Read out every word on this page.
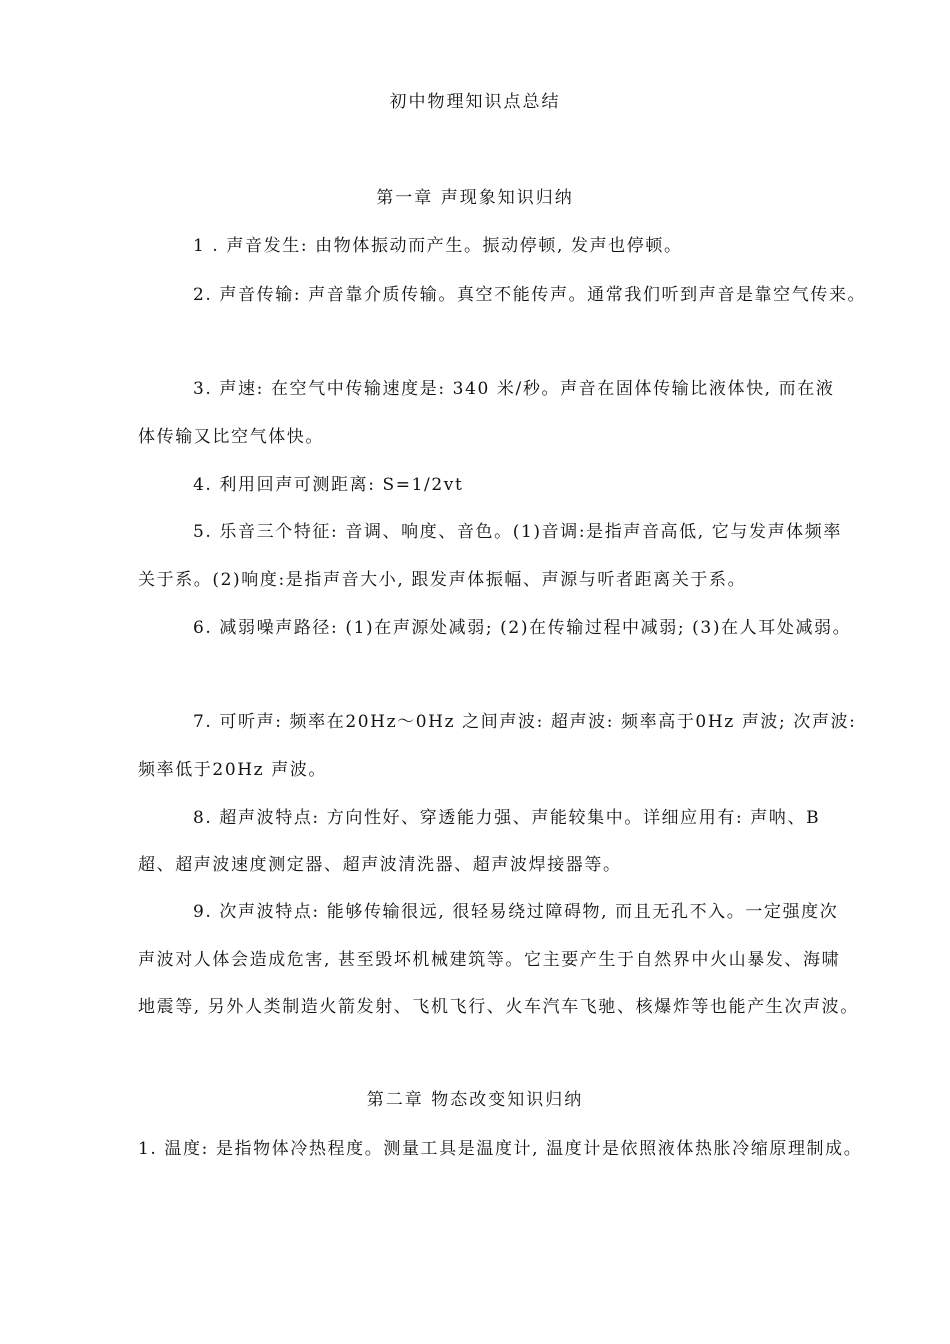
初中物理知识点总结
第一章 声现象知识归纳
1 . 声音发生: 由物体振动而产生。振动停顿, 发声也停顿。
2. 声音传输: 声音靠介质传输。真空不能传声。通常我们听到声音是靠空气传来。
3. 声速: 在空气中传输速度是: 340 米/秒。声音在固体传输比液体快, 而在液
体传输又比空气体快。
4. 利用回声可测距离: S=1/2vt
5. 乐音三个特征: 音调、响度、音色。(1)音调:是指声音高低, 它与发声体频率
关于系。(2)响度:是指声音大小, 跟发声体振幅、声源与听者距离关于系。
6. 减弱噪声路径: (1)在声源处减弱; (2)在传输过程中减弱; (3)在人耳处减弱。
7. 可听声: 频率在20Hz～0Hz 之间声波: 超声波: 频率高于0Hz 声波; 次声波:
频率低于20Hz 声波。
8. 超声波特点: 方向性好、穿透能力强、声能较集中。详细应用有: 声呐、B
超、超声波速度测定器、超声波清洗器、超声波焊接器等。
9. 次声波特点: 能够传输很远, 很轻易绕过障碍物, 而且无孔不入。一定强度次
声波对人体会造成危害, 甚至毁坏机械建筑等。它主要产生于自然界中火山暴发、海啸
地震等, 另外人类制造火箭发射、飞机飞行、火车汽车飞驰、核爆炸等也能产生次声波。
第二章 物态改变知识归纳
1. 温度: 是指物体冷热程度。测量工具是温度计, 温度计是依照液体热胀冷缩原理制成。
